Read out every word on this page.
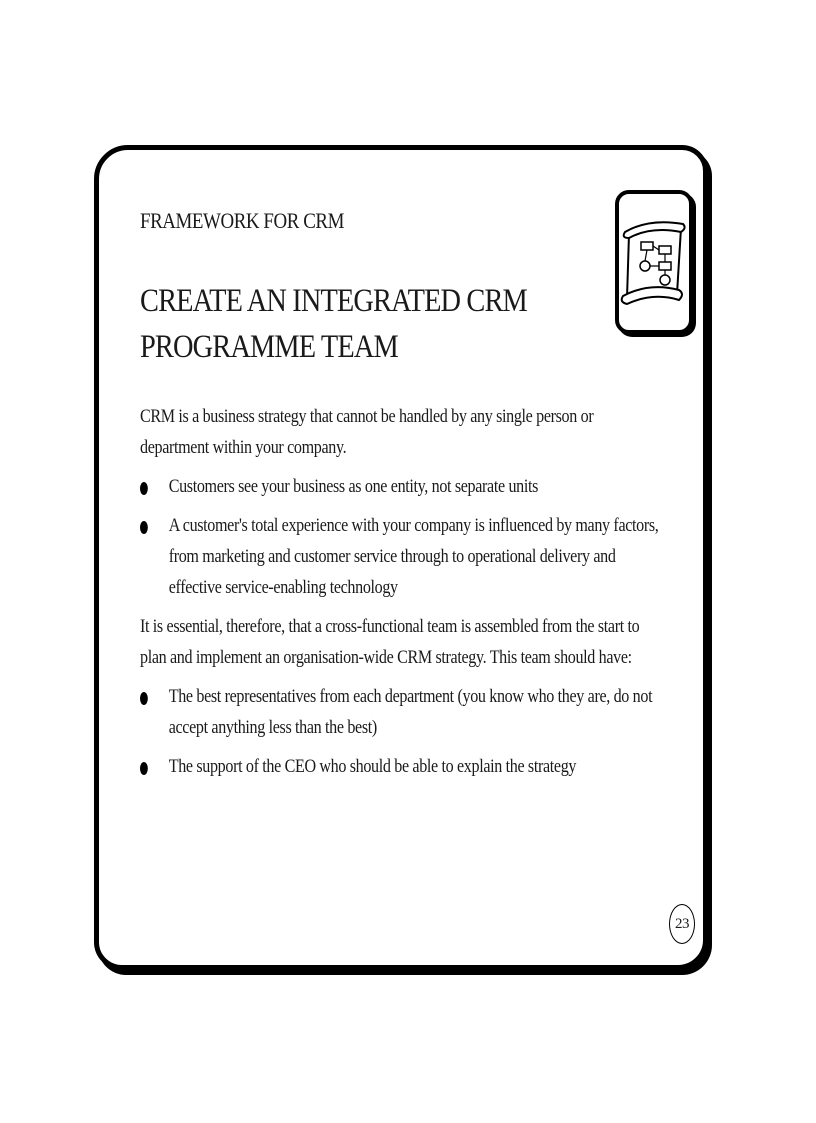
FRAMEWORK FOR CRM
CREATE AN INTEGRATED CRM PROGRAMME TEAM

CRM is a business strategy that cannot be handled by any single person or department within your company.

Customers see your business as one entity, not separate units
A customer's total experience with your company is influenced by many factors, from marketing and customer service through to operational delivery and effective service-enabling technology

It is essential, therefore, that a cross-functional team is assembled from the start to plan and implement an organisation-wide CRM strategy. This team should have:

The best representatives from each department (you know who they are, do not accept anything less than the best)
The support of the CEO who should be able to explain the strategy
23
